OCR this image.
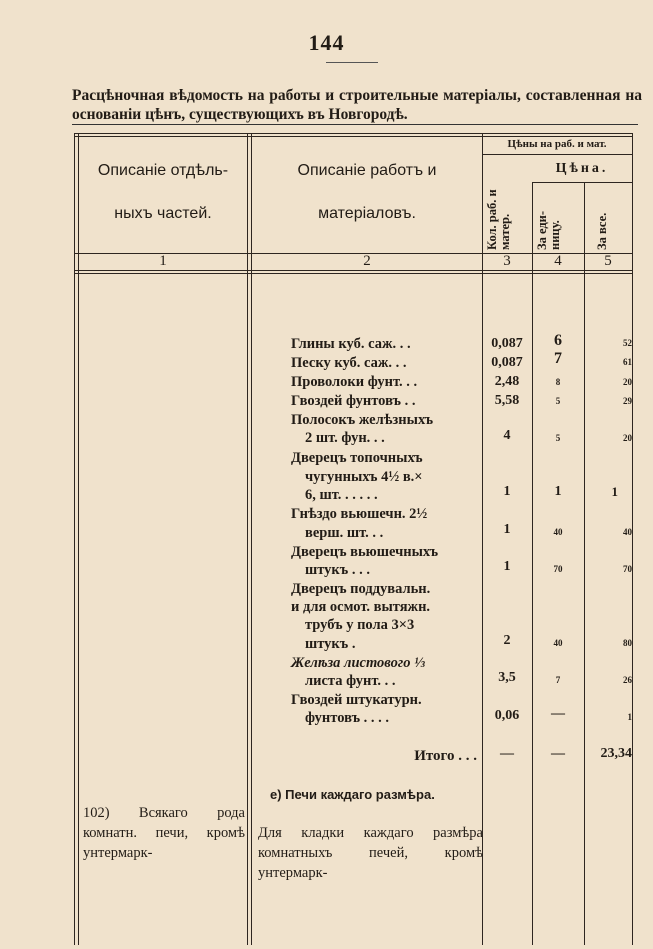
144
Расцѣночная вѣдомость на работы и строительные матеріалы, составленная на основаніи цѣнъ, существующихъ въ Новгородѣ.
Описаніе отдѣль-
ныхъ частей.
Описаніе работъ и
матеріаловъ.
Цѣны на раб. и мат.
Цѣна.
Кол. раб. и матер.	За еди-ницу.	За все.
1	2	3	4	5
Глины куб. саж. . .	0,087	6	52
Песку куб. саж. . .	0,087	7	61
Проволоки фунт. . .	2,48	8	20
Гвоздей фунтовъ . .	5,58	5	29
Полосокъ желѣзныхъ
2 шт. фун. . .	4	5	20
Дверецъ топочныхъ
чугунныхъ 4½ в.×
6, шт. . . . . .	1	1	1
Гнѣздо вьюшечн. 2½
верш. шт. . .	1	40	40
Дверецъ вьюшечныхъ
штукъ . . .	1	70	70
Дверецъ поддувальн.
и для осмот. вытяжн.
трубъ у пола 3×3
штукъ .	2	40	80
Желѣза листового ⅓
листа фунт. . .	3,5	7	26
Гвоздей штукатурн.
фунтовъ . . . .	0,06	—	1
Итого . . .	—	—	23,34
е) Печи каждаго размѣра.
102) Всякаго рода комнатн. печи, кромѣ унтермарк-
Для кладки каждаго размѣра комнатныхъ печей, кромѣ унтермарк-
